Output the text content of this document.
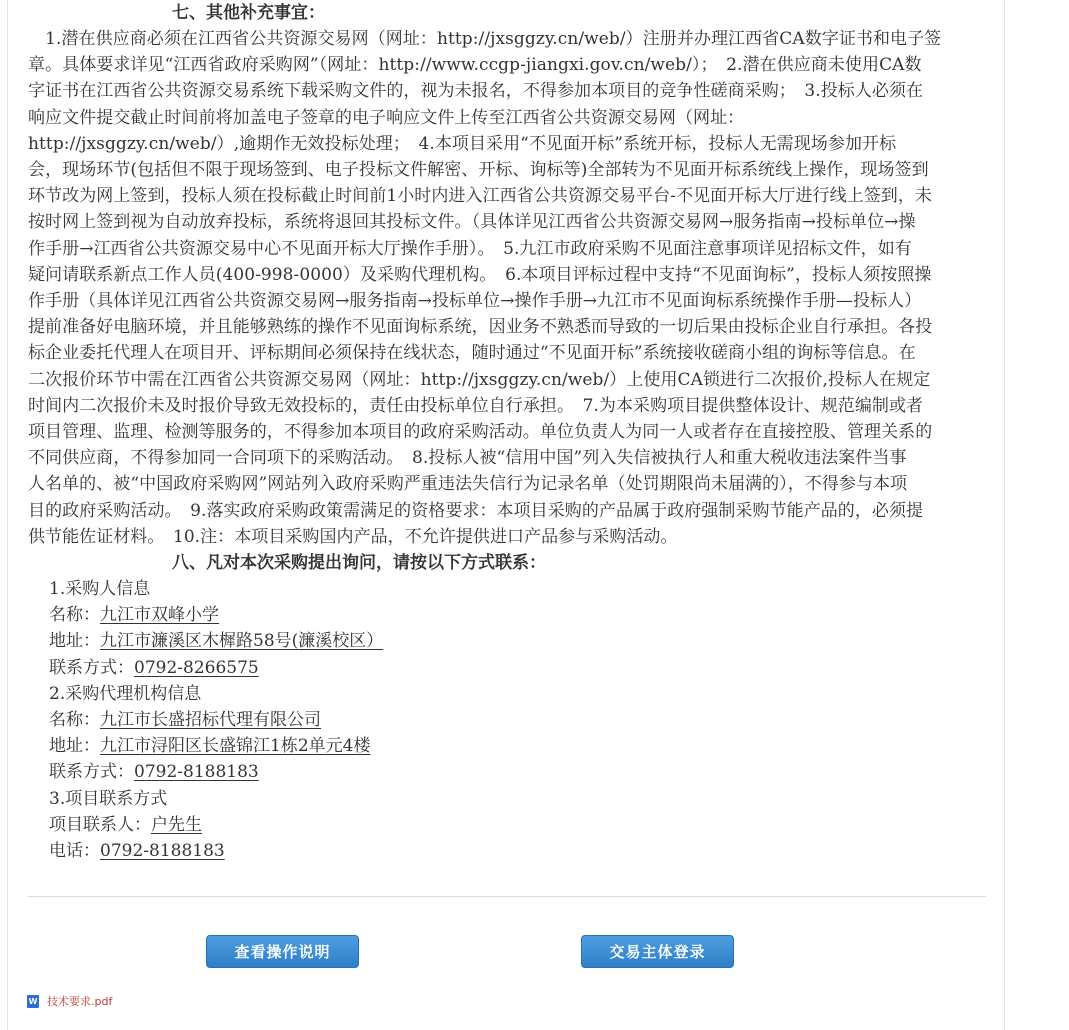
七、其他补充事宜：
　1.潜在供应商必须在江西省公共资源交易网（网址：http://jxsggzy.cn/web/）注册并办理江西省CA数字证书和电子签
章。具体要求详见“江西省政府采购网”（网址：http://www.ccgp-jiangxi.gov.cn/web/）；　2.潜在供应商未使用CA数
字证书在江西省公共资源交易系统下载采购文件的，视为未报名，不得参加本项目的竞争性磋商采购；　3.投标人必须在
响应文件提交截止时间前将加盖电子签章的电子响应文件上传至江西省公共资源交易网（网址：
http://jxsggzy.cn/web/）,逾期作无效投标处理；　4.本项目采用“不见面开标”系统开标，投标人无需现场参加开标
会，现场环节(包括但不限于现场签到、电子投标文件解密、开标、询标等)全部转为不见面开标系统线上操作，现场签到
环节改为网上签到，投标人须在投标截止时间前1小时内进入江西省公共资源交易平台-不见面开标大厅进行线上签到，未
按时网上签到视为自动放弃投标，系统将退回其投标文件。（具体详见江西省公共资源交易网→服务指南→投标单位→操
作手册→江西省公共资源交易中心不见面开标大厅操作手册）。　5.九江市政府采购不见面注意事项详见招标文件，如有
疑问请联系新点工作人员(400-998-0000）及采购代理机构。　6.本项目评标过程中支持“不见面询标”，投标人须按照操
作手册（具体详见江西省公共资源交易网→服务指南→投标单位→操作手册→九江市不见面询标系统操作手册—投标人）
提前准备好电脑环境，并且能够熟练的操作不见面询标系统，因业务不熟悉而导致的一切后果由投标企业自行承担。各投
标企业委托代理人在项目开、评标期间必须保持在线状态，随时通过“不见面开标”系统接收磋商小组的询标等信息。在
二次报价环节中需在江西省公共资源交易网（网址：http://jxsggzy.cn/web/）上使用CA锁进行二次报价,投标人在规定
时间内二次报价未及时报价导致无效投标的，责任由投标单位自行承担。　7.为本采购项目提供整体设计、规范编制或者
项目管理、监理、检测等服务的，不得参加本项目的政府采购活动。单位负责人为同一人或者存在直接控股、管理关系的
不同供应商，不得参加同一合同项下的采购活动。　8.投标人被“信用中国”列入失信被执行人和重大税收违法案件当事
人名单的、被“中国政府采购网”网站列入政府采购严重违法失信行为记录名单（处罚期限尚未届满的），不得参与本项
目的政府采购活动。　9.落实政府采购政策需满足的资格要求：本项目采购的产品属于政府强制采购节能产品的，必须提
供节能佐证材料。　10.注：本项目采购国内产品，不允许提供进口产品参与采购活动。
八、凡对本次采购提出询问，请按以下方式联系：
1.采购人信息
名称：九江市双峰小学
地址：九江市濂溪区木樨路58号(濂溪校区）
联系方式：0792-8266575
2.采购代理机构信息
名称：九江市长盛招标代理有限公司
地址：九江市浔阳区长盛锦江1栋2单元4楼
联系方式：0792-8188183
3.项目联系方式
项目联系人：户先生
电话：0792-8188183
查看操作说明	交易主体登录
W 技术要求.pdf
